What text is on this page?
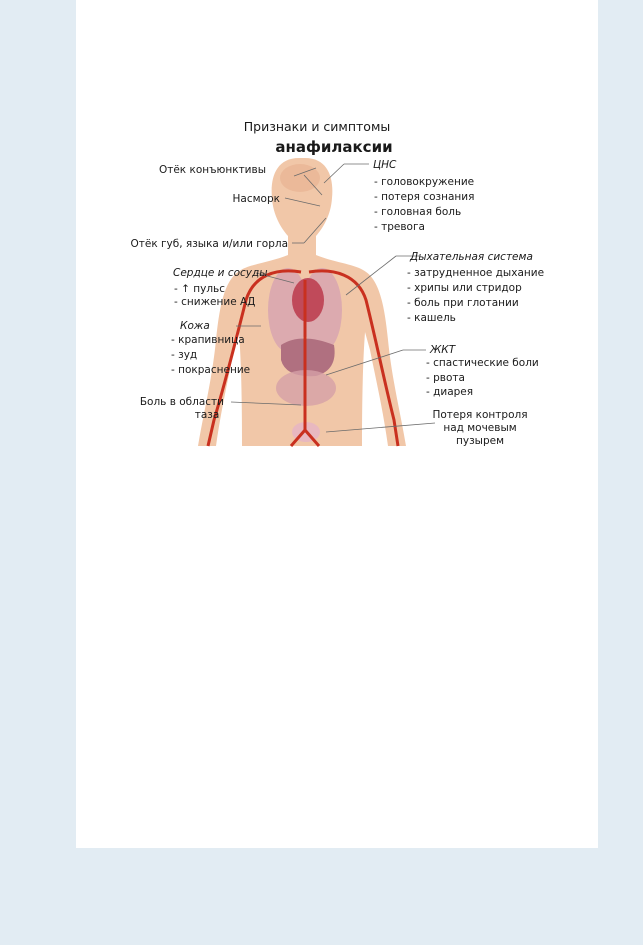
Признаки и симптомы
анафилаксии
Отёк конъюнктивы
Насморк
Отёк губ, языка и/или горла
Сердце и сосуды
- ↑ пульс
- снижение АД
Кожа
- крапивница
- зуд
- покраснение
Боль в области
таза
ЦНС
- головокружение
- потеря сознания
- головная боль
- тревога
Дыхательная система
- затрудненное дыхание
- хрипы или стридор
- боль при глотании
- кашель
ЖКТ
- спастические боли
- рвота
- диарея
Потеря контроля
над мочевым
пузырем
